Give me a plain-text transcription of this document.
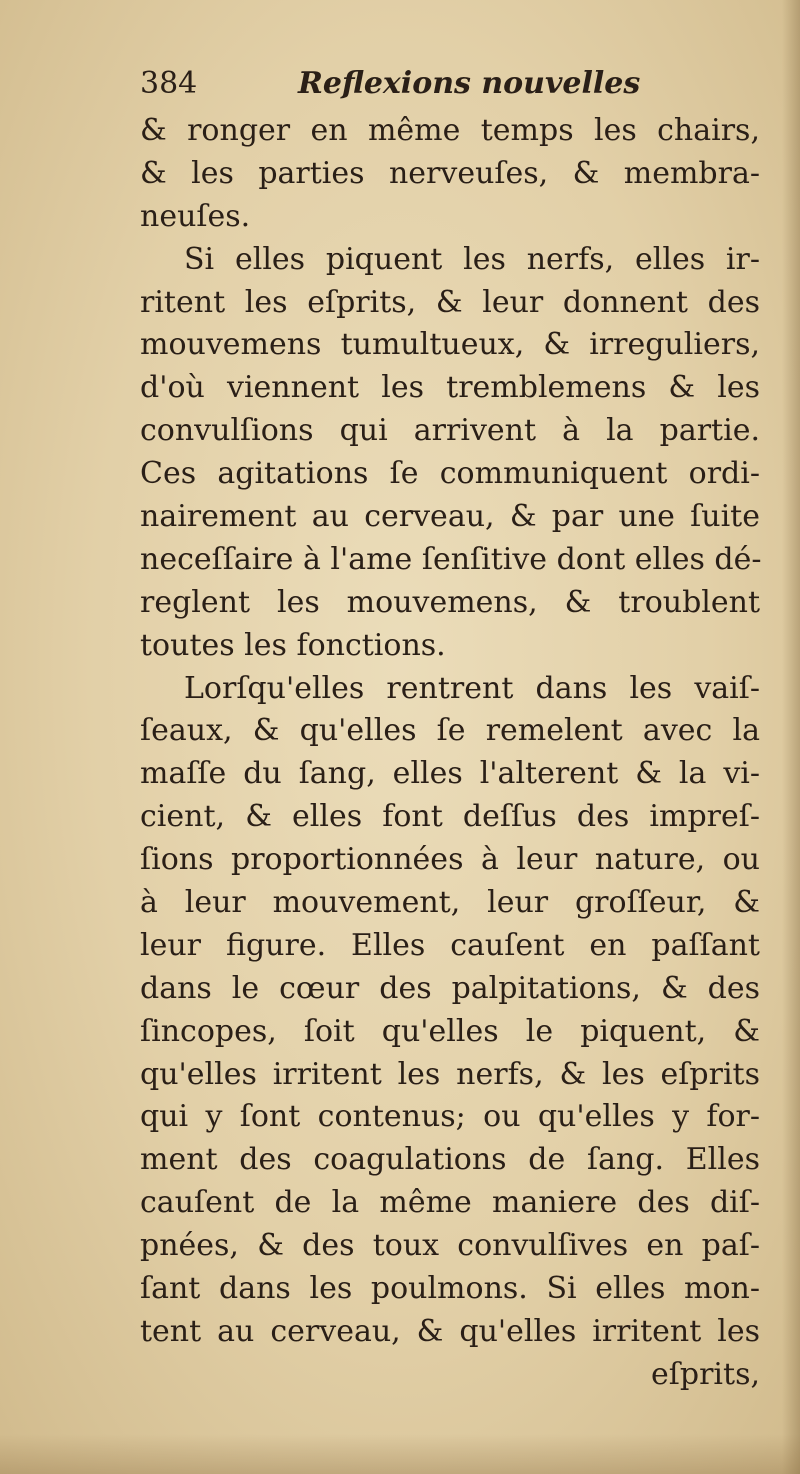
384	Reflexions nouvelles
& ronger en même temps les chairs,
& les parties nerveuſes, & membra-
neuſes.
Si elles piquent les nerfs, elles ir-
ritent les eſprits, & leur donnent des
mouvemens tumultueux, & irreguliers,
d'où viennent les tremblemens & les
convulſions qui arrivent à la partie.
Ces agitations ſe communiquent ordi-
nairement au cerveau, & par une ſuite
neceſſaire à l'ame ſenſitive dont elles dé-
reglent les mouvemens, & troublent
toutes les fonctions.
Lorſqu'elles rentrent dans les vaiſ-
ſeaux, & qu'elles ſe remelent avec la
maſſe du ſang, elles l'alterent & la vi-
cient, & elles font deſſus des impreſ-
ſions proportionnées à leur nature, ou
à leur mouvement, leur groſſeur, &
leur figure. Elles cauſent en paſſant
dans le cœur des palpitations, & des
ſincopes, ſoit qu'elles le piquent, &
qu'elles irritent les nerfs, & les eſprits
qui y ſont contenus; ou qu'elles y for-
ment des coagulations de ſang. Elles
cauſent de la même maniere des diſ-
pnées, & des toux convulſives en paſ-
ſant dans les poulmons. Si elles mon-
tent au cerveau, & qu'elles irritent les
eſprits,
